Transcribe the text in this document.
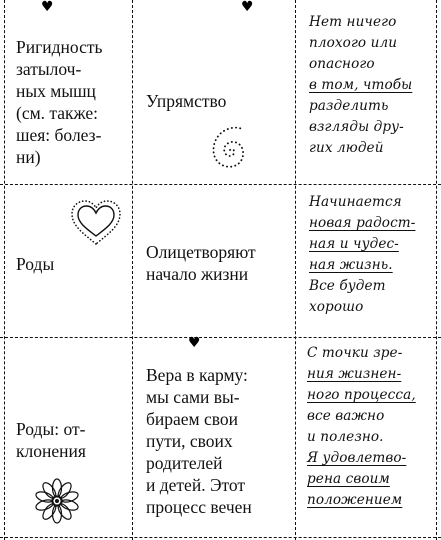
♥	♥
♥
Ригидность
затылоч-
ных мышц
(см. также:
шея: болез-
ни)
Упрямство
Нет ничего
плохого или
опасного
в том, чтобы
разделить
взгляды дру-
гих людей
Роды
Олицетворяют
начало жизни
Начинается
новая радост-
ная и чудес-
ная жизнь.
Все будет
хорошо
Роды: от-
клонения
Вера в карму:
мы сами вы-
бираем свои
пути, своих
родителей
и детей. Этот
процесс вечен
С точки зре-
ния жизнен-
ного процесса,
все важно
и полезно.
Я удовлетво-
рена своим
положением
